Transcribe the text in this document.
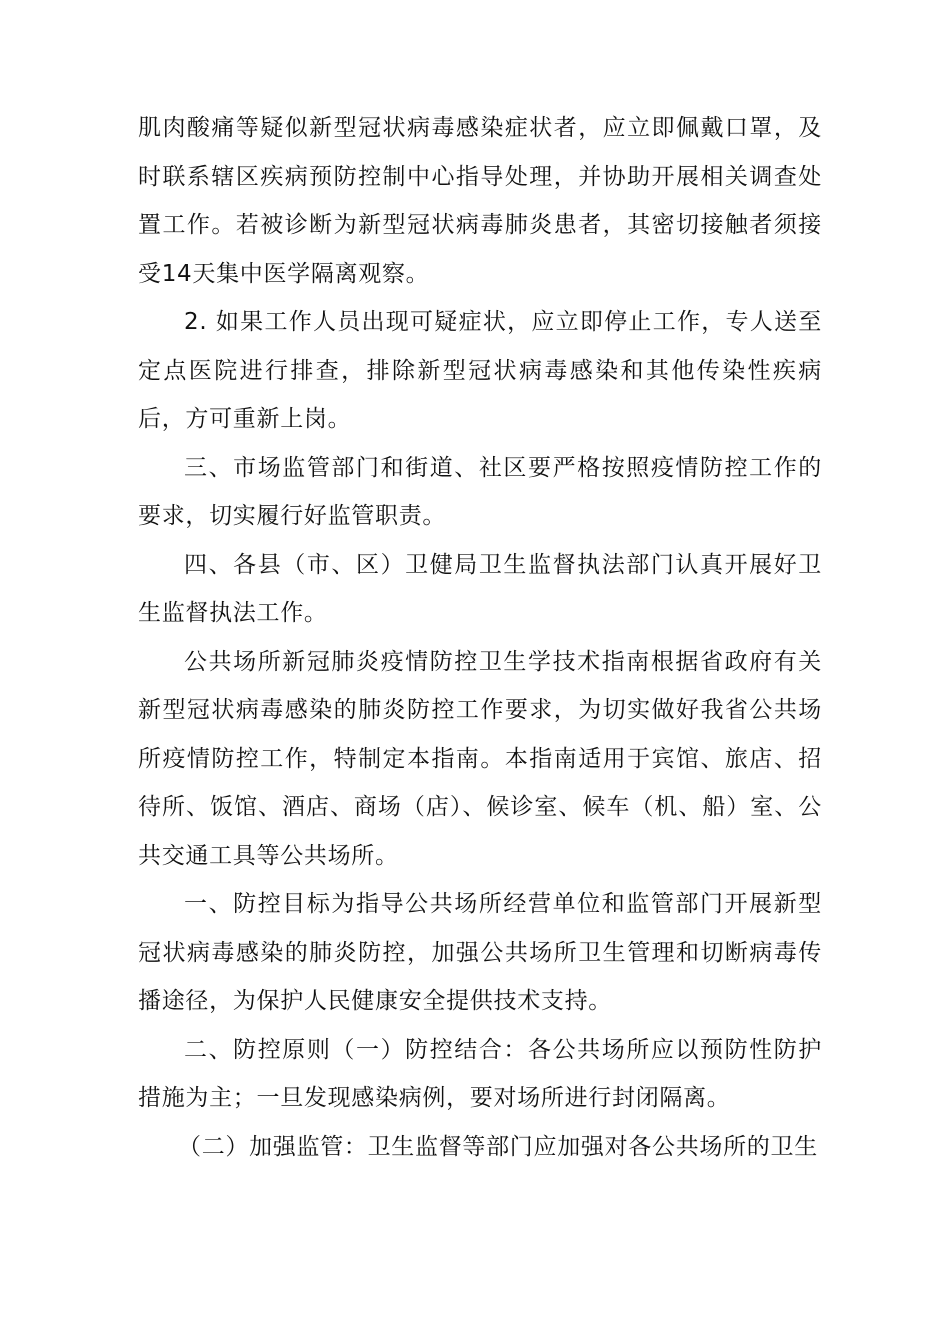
肌肉酸痛等疑似新型冠状病毒感染症状者，应立即佩戴口罩，及时联系辖区疾病预防控制中心指导处理，并协助开展相关调查处置工作。若被诊断为新型冠状病毒肺炎患者，其密切接触者须接受14天集中医学隔离观察。

2. 如果工作人员出现可疑症状，应立即停止工作，专人送至定点医院进行排查，排除新型冠状病毒感染和其他传染性疾病后，方可重新上岗。

三、市场监管部门和街道、社区要严格按照疫情防控工作的要求，切实履行好监管职责。

四、各县（市、区）卫健局卫生监督执法部门认真开展好卫生监督执法工作。

公共场所新冠肺炎疫情防控卫生学技术指南根据省政府有关新型冠状病毒感染的肺炎防控工作要求，为切实做好我省公共场所疫情防控工作，特制定本指南。本指南适用于宾馆、旅店、招待所、饭馆、酒店、商场（店）、候诊室、候车（机、船）室、公共交通工具等公共场所。

一、防控目标为指导公共场所经营单位和监管部门开展新型冠状病毒感染的肺炎防控，加强公共场所卫生管理和切断病毒传播途径，为保护人民健康安全提供技术支持。

二、防控原则（一）防控结合：各公共场所应以预防性防护措施为主；一旦发现感染病例，要对场所进行封闭隔离。

（二）加强监管：卫生监督等部门应加强对各公共场所的卫生
